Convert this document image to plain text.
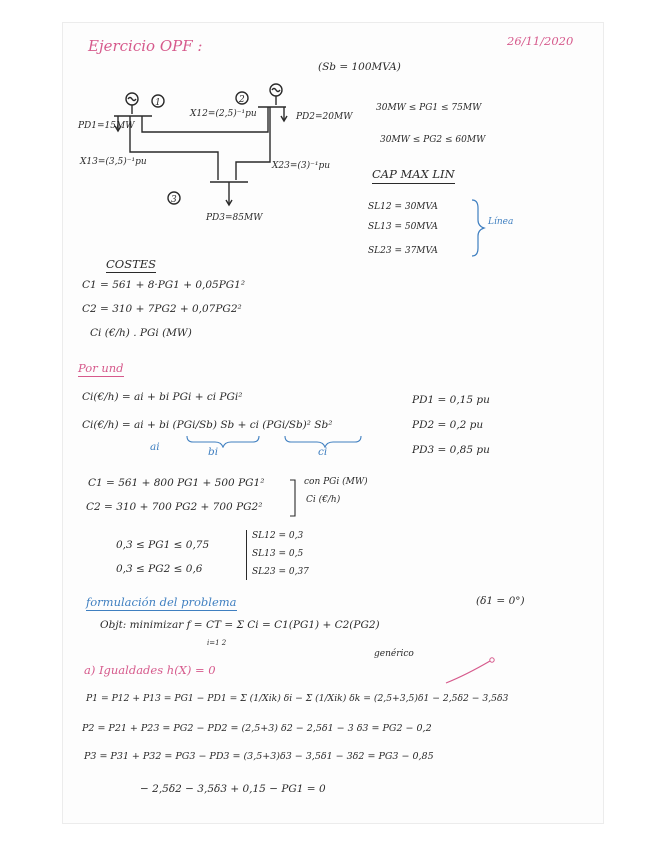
Ejercicio OPF :	26/11/2020
(Sb = 100MVA)
1	2
3
PD1=15MW
X12=(2,5)⁻¹pu
X13=(3,5)⁻¹pu	X23=(3)⁻¹pu
PD2=20MW
PD3=85MW
30MW ≤ PG1 ≤ 75MW
30MW ≤ PG2 ≤ 60MW
CAP MAX LIN
SL12 = 30MVA
SL13 = 50MVA
SL23 = 37MVA
Línea
COSTES
C1 = 561 + 8·PG1 + 0,05PG1²
C2 = 310 + 7PG2 + 0,07PG2²
Ci (€/h) . PGi (MW)
Por und
Ci(€/h) = ai + bi PGi + ci PGi²
Ci(€/h) = ai + bi (PGi/Sb) Sb + ci (PGi/Sb)² Sb²
ai	bi	ci
PD1 = 0,15 pu
PD2 = 0,2 pu
PD3 = 0,85 pu
C1 = 561 + 800 PG1 + 500 PG1²
C2 = 310 + 700 PG2 + 700 PG2²
con PGi (MW)
Ci (€/h)
0,3 ≤ PG1 ≤ 0,75
0,3 ≤ PG2 ≤ 0,6
SL12 = 0,3
SL13 = 0,5
SL23 = 0,37
formulación del problema	(δ1 = 0°)
Objt: minimizar f = CT = Σ Ci = C1(PG1) + C2(PG2)
i=1 2
genérico
a) Igualdades h(X) = 0
P1 = P12 + P13 = PG1 − PD1 = Σ (1/Xik) δi − Σ (1/Xik) δk = (2,5+3,5)δ1 − 2,5δ2 − 3,5δ3
P2 = P21 + P23 = PG2 − PD2 = (2,5+3) δ2 − 2,5δ1 − 3 δ3 = PG2 − 0,2
P3 = P31 + P32 = PG3 − PD3 = (3,5+3)δ3 − 3,5δ1 − 3δ2 = PG3 − 0,85
− 2,5δ2 − 3,5δ3 + 0,15 − PG1 = 0
